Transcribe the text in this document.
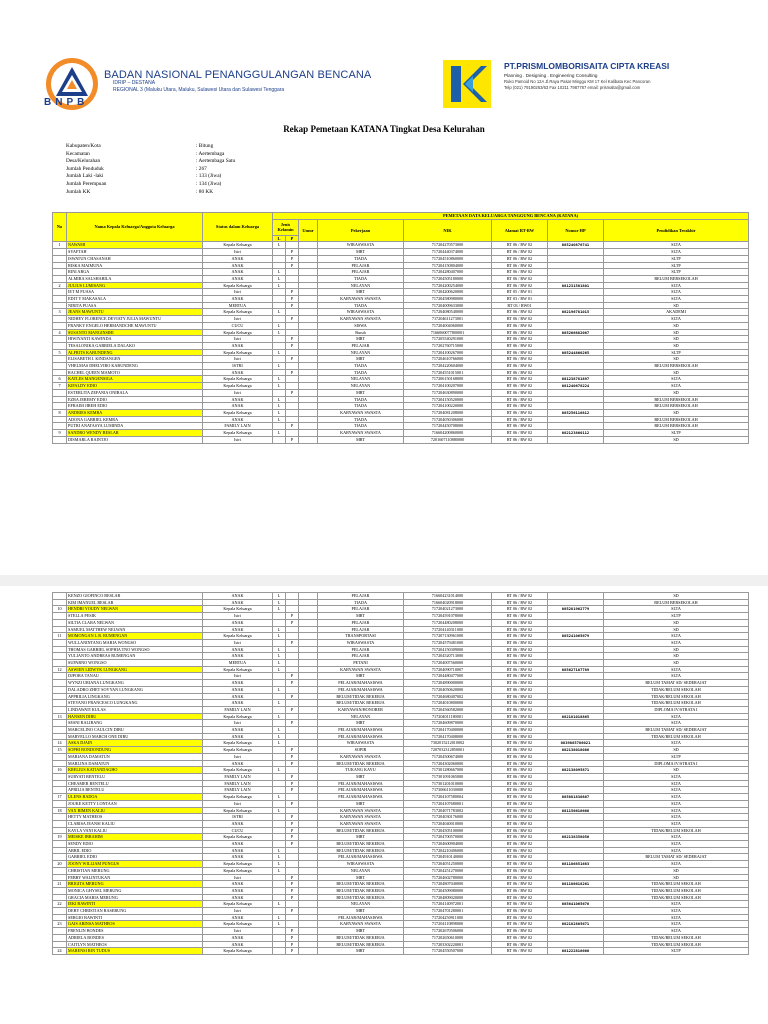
BADAN NASIONAL PENANGGULANGAN BENCANA
IDRIP – DESTANA
REGIONAL 3 (Maluku Utara, Maluku, Sulawesi Utara dan Sulawesi Tenggara
BNPB
PT.PRISMLOMBORISAITA CIPTA KREASI
Planning . Designing . Engineering Consulting
Ruko Pamoid No 12A Jl.Raya Pasar Minggu KM 17 Kel Kalibata Kec Pancoran
Telp (021) 79190263/63 Fax 10211 7987787 email: prismalta@gmail.com
Rekap Pemetaan KATANA Tingkat Desa Kelurahan
Kabupaten/Kota	: Bitung
Kecamatan	: Aertembaga
Desa/Kelurahan	: Aertembaga Satu
Jumlah Penduduk	: 267
Jumlah Laki -laki	: 133 (Jiwa)
Jumlah Perempuan	: 134 (Jiwa)
Jumlah KK	: 80 KK
No	Nama Kepala Keluarga/Anggota Keluarga	Status dalam Keluarga	PEMETAAN DATA KELUARGA TANGGUNG BENCANA (KATANA)							
			Jenis Kelamin		Umur	Pekerjaan	NIK	Alamat RT-RW	Nomor HP	Pendidikan Terakhir
			L	P						
1	NAWAMI	Kepala Keluarga	L			WIRASWASTA	717204270573000	RT 06 / RW 02	085240876741	SLTA
	SYAFTAH	Istri		P		MRT	717204440374000	RT 06 / RW 02		SLTA
	ISWATUN CHASANAH	ANAK		P		TIADA	717204510860000	RT 06 / RW 02		SLTP
	RISKA MAIMUNA	ANAK		P		PELAJAR	717204150804000	RT 06 / RW 02		SLTP
	RINI ARGA	ANAK	L			PELAJAR	717204280407000	RT 06 / RW 02		SLTP
	ALMIRA SALSHABILA	ANAK	L			TIADA	717204505180000	RT 06 / RW 02		BELUM BERSEKOLAH
2	JULIUS LUMISANG	Kepala Keluarga	L			NELAYAN	717204200254000	RT 06 / RW 02	081231501801	SLTA
	IET M PUASA	Istri		P		MRT	717204200620000	RT 05 / RW 01		SLTA
	EDIT Y MAKASALA	ANAK		P		KARYAWAN SWASTA	717204580980000	RT 03 / RW 01		SLTA
	NIRITA PUASA	MERTUA		P		TIADA	717204009633000	RT 03 / RW01		SD
3	JEANS MAWUNTU	Kepala Keluarga	L			WIRASWASTA	717204080540000	RT 06 / RW 02	082196781015	AKADEMI
	NIDHEY FLORENCE DEVIATY JULIA MAWUNTU	Istri		P		KARYAWAN SWASTA	717204611273001	RT 06 / RW 02		SLTA
	FRANKY ENGELO HERMANDCHE MAWUNTU	CUCU	L			SISWA	717204004060000	RT 06 / RW 02		SD
4	SUSANTO MANGINSIHI	Kepala Keluarga	L			Buruh	7166060077800001	RT 06 / RW 02	085266882067	SD
	HIWIYANTI KAWINDA	Istri		P		MRT	717205540291000	RT 06 / RW 02		SD
	TESALONIKA GABRIELA DALAKO	ANAK		P		PELAJAR	717202760715000	RT 06 / RW 02		SD
5	ALFRITS KABUNDENG	Kepala Keluarga	L			NELAYAN	717204100267000	RT 06 / RW 02	085244860265	SLTP
	ELISABETH I. KINDANGEN	Istri		P		MRT	717204610766000	RT 06 / RW 02		SD
	VHELMAS DHELVIRO KABUNDENG	ISTRI	L			TIADA	717204220604000	RT 06 / RW 02		BELUM BERSEKOLAH
	RACHEL QUEEN MAMOTO	ANAK		P		TIADA	717204551015001	RT 06 / RW 02		SD
6	KATLES MANGENSIGA	Kepala Keluarga	L			NELAYAN	717206150168000	RT 06 / RW 02	081238781897	SLTA
7	KIFALDY EDIO	Kepala Keluarga	L			NELAYAN	717204100207000	RT 06 / RW 02	081240678224	SLTA
	ESTERLITA ZEFANIA ONIBALA	Istri		P		MRT	717204630890000	RT 06 / RW 02		SD
	EZRA JEREMY EDIO	ANAK	L			TIADA	717204150520000	RT 06 / RW 02		BELUM BERSEKOLAH
	EFRAIM JIREH EDIO	ANAK	L			TIADA	717204100220000	RT 06 / RW 02		BELUM BERSEKOLAH
8	ANDRIES KEMBA	Kepala Keluarga	L			KARYAWAN SWASTA	717204081208000	RT 06 / RW 02	085256116812	SD
	ADONA GABRIEL KEMBA	ANAK	L			TIADA	717204050306000	RT 06 / RW 02		BELUM BERSEKOLAH
	PUTRI ANATASYA LUMINDA	FAMILY LAIN		P		TIADA	717204450708000	RT 06 / RW 02		BELUM BERSEKOLAH
9	SANDRO WENDY BESLAR	Kepala Keluarga	L			KARYAWAN SWASTA	716604200860000	RT 06 / RW 02	082123860112	SLTP
	DISMARLA RAINTJO	Istri		P		MRT	7201607110880000	RT 06 / RW 02		SD
	KENZO GIOFINCO BESLAR	ANAK	L			PELAJAR	716604231014000	RT 06 / RW 02		SD
	KIM IMANUEL BESLAR	ANAK	L			TIADA	716604020918000	RT 06 / RW 02		BELUM BERSEKOLAH
10	HENDRI YOUDY NELWAN	Kepala Keluarga	L			PELAJAR	717204021273000	RT 06 / RW 02	085281962779	SLTA
	STELLA PESIK	Istri		P		MRT	717204591078000	RT 06 / RW 02		SLTP
	SILTIA CLARA NELWAN	ANAK		P		PELAJAR	717204480208000	RT 06 / RW 02		SD
	SAMUEL MATTHEW NELWAN	ANAK	L			PELAJAR	717204140311000	RT 06 / RW 02		SD
11	MOMONGAN L.R. RUMENGAN	Kepala Keluarga	L			TRANSPORTASI	717207130961000	RT 06 / RW 02	085241065679	SLTA
	WULLANINTANG MARIA WONGSO	Istri		P		WIRASWASTA	717204579481000	RT 06 / RW 02		SLTA
	THOMAS GABRIEL SOPHIA TNO WONGSO	ANAK	L			PELAJAR	717204150309000	RT 06 / RW 02		SD
	YULIANTO ANDREAS RUMENGAN	ANAK	L			PELAJAR	717204520713000	RT 06 / RW 02		SD
	SUPARNO WONGSO	MERTUA	L			PETANI	717204007560000	RT 06 / RW 02		SD
12	ASWIEN LIDWYK LUNGKANG	Kepala Keluarga	L			KARYAWAN SWASTA	717204090710007	RT 06 / RW 02	085627107789	SLTA
	DJPORA TANAU	Istri		P		MRT	717204480477000	RT 06 / RW 02		SLTA
	WYNZI URIANA LUNGKANG	ANAK		P		PELAJAR/MAHASISWA	717204890000000	RT 06 / RW 02		BELUM TAMAT SD/ SEDERAJAT
	DALADRO ZHET SOVYAN LUNGKANG	ANAK	L			PELAJAR/MAHASISWA	717204050620000	RT 06 / RW 02		TIDAK/BELUM SEKOLAH
	APPRILIA LINGKANG	ANAK		P		BELUM/TIDAK BEKERJA	717204680407002	RT 06 / RW 02		TIDAK/BELUM SEKOLAH
	STEVANO FRANCESCO LUNGKANG	ANAK	L			BELUM/TIDAK BEKERJA	717204010800000	RT 06 / RW 02		TIDAK/BELUM SEKOLAH
	LINDAWATI KULAS	FAMILY LAIN		P		KARYAWAN/HONORER	717204560582000	RT 06 / RW 02		DIPLOMA IV/STRATA I
13	HANSEN DIBU	Kepala Keluarga	L			NELAYAN	717204011180001	RT 06 / RW 02	082181018865	SLTA
	SESNI RALIBANG	Istri		P		MRT	717204609870000	RT 06 / RW 02		SLTA
	MARCELINO CAULCIN DIBU	ANAK	L			PELAJAR/MAHASISWA	717204170400000	RT 06 / RW 02		BELUM TAMAT SD/ SEDERAJAT
	MARVELLO MARCH ONE DIBU	ANAK	L			PELAJAR/MAHASISWA	717204170408000	RT 06 / RW 02		TIDAK/BELUM SEKOLAH
14	ASKA DJAIN	Kepala Keluarga	L			WIRASWASTA	7302015212010002	RT 06 / RW 02	0839885786021	SLTA
15	SOPHI BONDONDUNG	Kepala Keluarga		P		SOPIR	7207032312850001	RT 06 / RW 02	082138018086	SD
	MARIANA DAMATUN	Istri		P		KARYAWAN SWASTA	717204500674000	RT 06 / RW 02		SLTP
	MARLINA DAMATUN	ANAK		P		BELUM/TIDAK BEKERJA	717204302060000	RT 06 / RW 02		DIPLOMA IV/STRATA I
16	KRELIUS KATIANDAGHO	Kepala Keluarga	L			TUKANG KAYU	717301280667000	RT 06 / RW 02	082138095871	SD
	SURYATI BENTELU	FAMILY LAIN		P		MRT	717301091065000	RT 06 / RW 02		SLTA
	CHEAMER BENTELU	FAMILY LAIN		P		PELAJAR/MAHASISWA	717301201010000	RT 06 / RW 02		SLTA
	APRILIA BENTELU	FAMILY LAIN		P		PELAJAR/MAHASISWA	717306611030000	RT 06 / RW 02		SLTA
17	ULENS BADOA	Kepala Keluarga	L			PELAJAR/MAHASISWA	717204107580004	RT 06 / RW 02	085881830867	SLTA
	JOUKE KETTY LONTAAN	Istri		P		MRT	717204107680001	RT 06 / RW 02		SLTA
18	VAX RIMEN KALIU	Kepala Keluarga	L			KARYAWAN SWASTA	717204071783002	RT 06 / RW 02	081156616666	SLTA
	HETTY MATHEOS	ISTRI		P		KARYAWAN SWASTA	717204030176000	RT 06 / RW 02		SLTA
	CLARISA JEANSI KALIU	ANAK		P		KARYAWAN SWASTA	717204040010000	RT 06 / RW 02		SLTA
	KAYLA VANI KALIU	CUCU		P		BELUM/TIDAK BEKERJA	717204505100000	RT 06 / RW 02		TIDAK/BELUM SEKOLAH
19	MEISKE IBRAHIM	Kepala Keluarga		P		MRT	717204700570000	RT 06 / RW 02	082138358056	SLTA
	SENDY EDIO	ANAK		P		BELUM/TIDAK BEKERJA	717204600904000	RT 06 / RW 02		SLTA
	ABRIL EDIO	ANAK	L			BELUM/TIDAK BEKERJA	717204210406000	RT 06 / RW 02		SLTA
	GABRIEL EDIO	ANAK	L			PELAJAR/MAHASISWA	717204910140000	RT 06 / RW 02		BELUM TAMAT SD/ SEDERAJAT
20	JOONY WILLIAM PUNGUS	Kepala Keluarga	L			WIRASWASTA	717204051250000	RT 06 / RW 02	081186851683	SLTA
	CHRISTIAN MERUNG	Kepala Keluarga	L			NELAYAN	717204251270000	RT 06 / RW 02		SD
	FEBRY WALINTUKAN	Istri		P		MRT	717204602780000	RT 06 / RW 02		SD
21	BRIGITA MERUNG	ANAK		P		BELUM/TIDAK BEKERJA	717204807040000	RT 06 / RW 02	081186618261	TIDAK/BELUM SEKOLAH
	MONICA GHYSEL MERUNG	ANAK		P		BELUM/TIDAK BEKERJA	717204509080000	RT 06 / RW 02		TIDAK/BELUM SEKOLAH
	GRACIA MARIA MERUNG	ANAK		P		BELUM/TIDAK BEKERJA	717204809020000	RT 06 / RW 02		TIDAK/BELUM SEKOLAH
22	IEKI BAWINTI	Kepala Keluarga	L			NELAYAN	717204140972001	RT 06 / RW 02	085641065670	SLTA
	DEBY CHRISTIAN RASEBUNG	Istri		P		MRT	717204701280001	RT 06 / RW 02		SLTA
	SERGIO BAWINTI	ANAK	L			PELAJAR/MAHASISWA	717204250911000	RT 06 / RW 02		SLTA
23	GAIS ABINSA MATHEOS	Kepala Keluarga	L			KARYAWAN SWASTA	717204110898000	RT 06 / RW 02	082182805671	SLTA
	FRENLIN BONDES	Istri		P		MRT	717202670506000	RT 06 / RW 02		SLTA
	ADRIELA BONDES	ANAK		P		BELUM/TIDAK BEKERJA	717202650610000	RT 06 / RW 02		TIDAK/BELUM SEKOLAH
	CAITLYN MATHEOS	ANAK		P		BELUM/TIDAK BEKERJA	717203302220001	RT 06 / RW 02		TIDAK/BELUM SEKOLAH
24	MARENSI RIN TUDUS	Kepala Keluarga		P		MRT	717204550507000	RT 06 / RW 02	081222816666	SLTP
